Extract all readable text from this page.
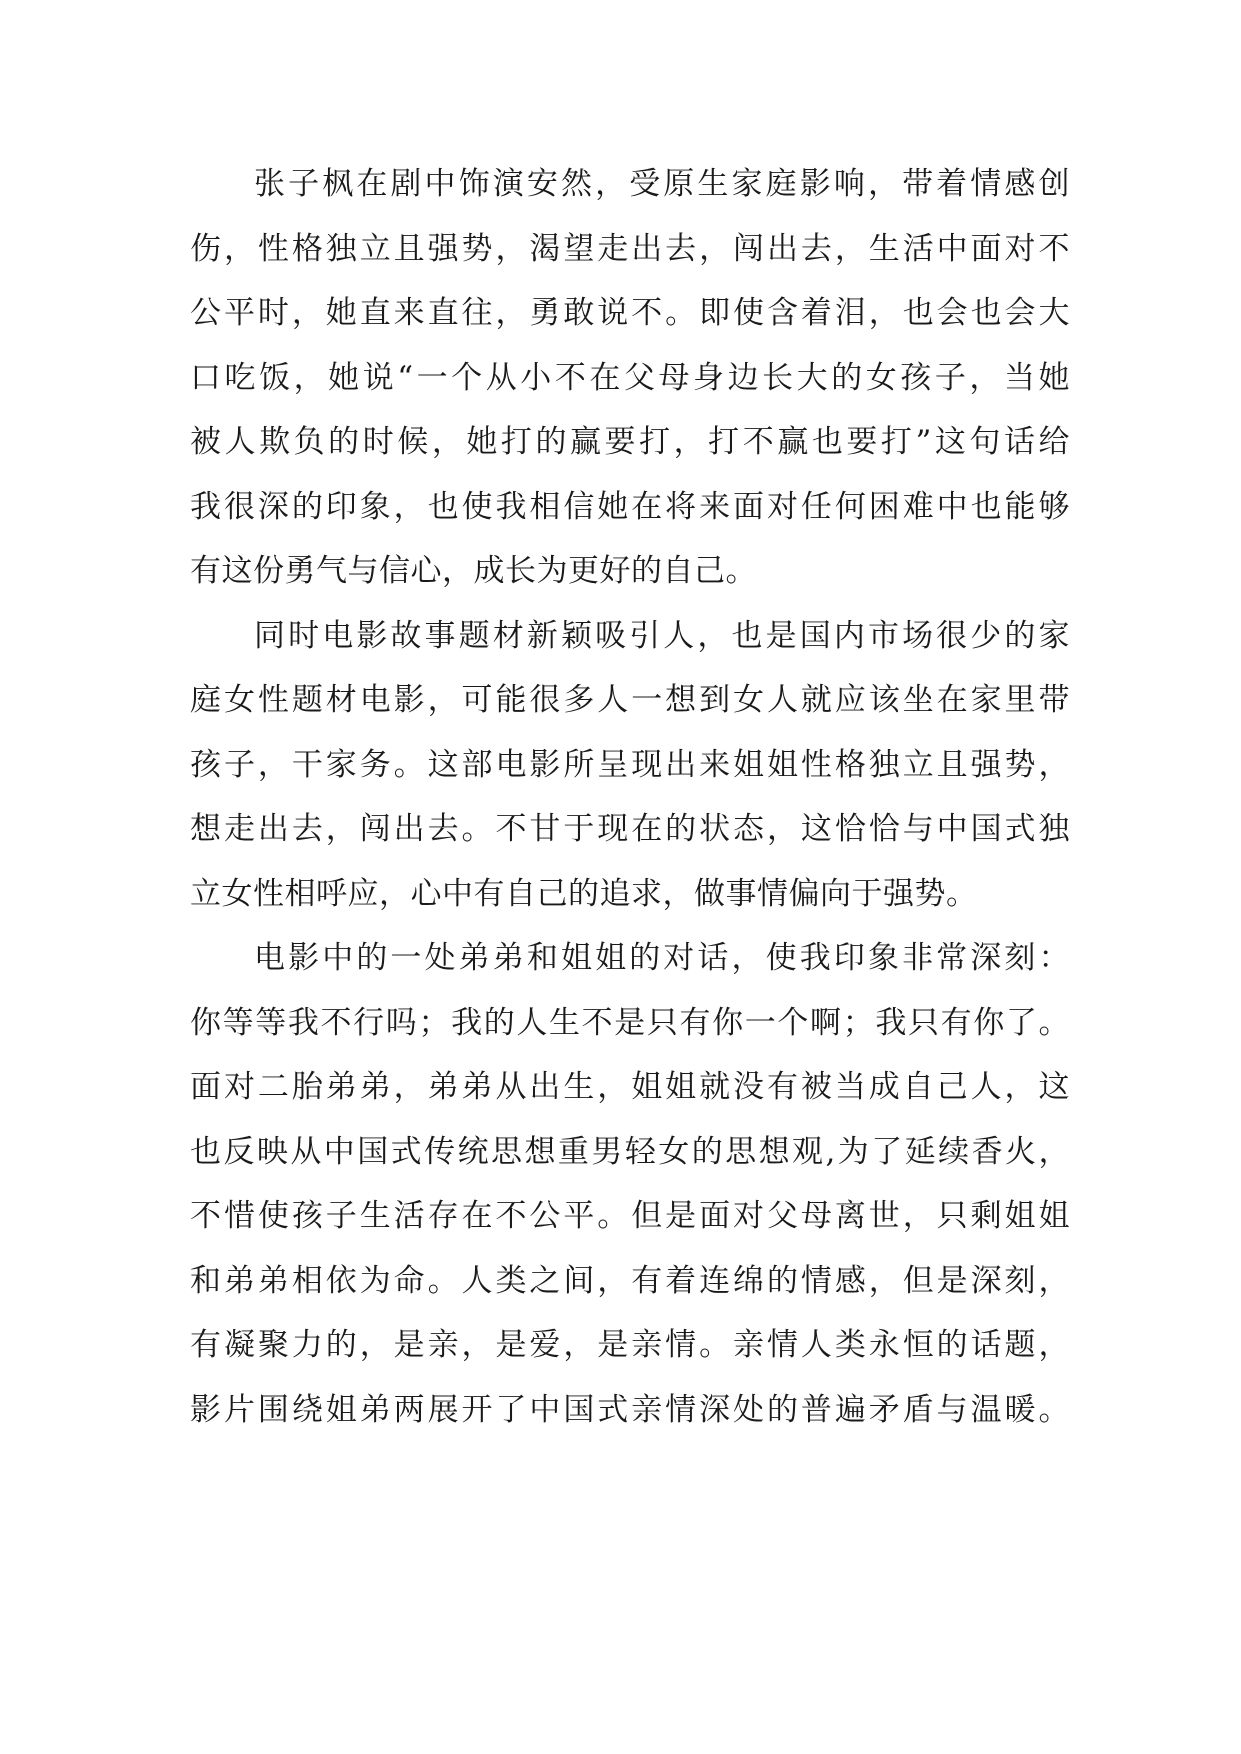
张子枫在剧中饰演安然，受原生家庭影响，带着情感创
伤，性格独立且强势，渴望走出去，闯出去，生活中面对不
公平时，她直来直往，勇敢说不。即使含着泪，也会也会大
口吃饭，她说“一个从小不在父母身边长大的女孩子，当她
被人欺负的时候，她打的赢要打，打不赢也要打”这句话给
我很深的印象，也使我相信她在将来面对任何困难中也能够
有这份勇气与信心，成长为更好的自己。
同时电影故事题材新颖吸引人，也是国内市场很少的家
庭女性题材电影，可能很多人一想到女人就应该坐在家里带
孩子，干家务。这部电影所呈现出来姐姐性格独立且强势，
想走出去，闯出去。不甘于现在的状态，这恰恰与中国式独
立女性相呼应，心中有自己的追求，做事情偏向于强势。
电影中的一处弟弟和姐姐的对话，使我印象非常深刻：
你等等我不行吗；我的人生不是只有你一个啊；我只有你了。
面对二胎弟弟，弟弟从出生，姐姐就没有被当成自己人，这
也反映从中国式传统思想重男轻女的思想观,为了延续香火，
不惜使孩子生活存在不公平。但是面对父母离世，只剩姐姐
和弟弟相依为命。人类之间，有着连绵的情感，但是深刻，
有凝聚力的，是亲，是爱，是亲情。亲情人类永恒的话题，
影片围绕姐弟两展开了中国式亲情深处的普遍矛盾与温暖。
